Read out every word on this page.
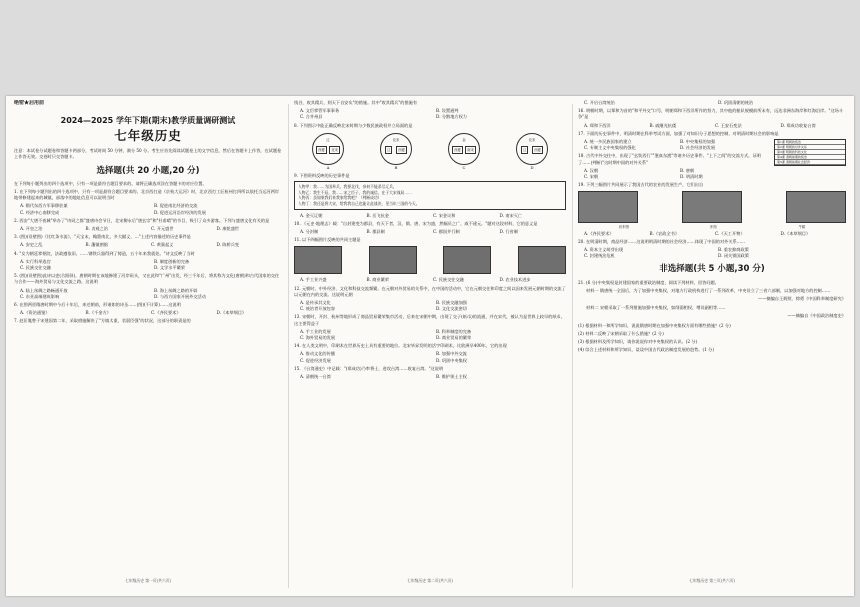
绝密★启用前
2024—2025 学年下期(期末)教学质量调研测试
七年级历史
注意：本试卷分试题卷和答题卡两部分，考试时间 50 分钟，满分 50 分。考生应首先阅读试题卷上的文字信息，然后在答题卡上作答，在试题卷上作答无效。交卷时只交答题卡。
选择题(共 20 小题,20 分)
在下列每小题列出的四个选项中，只有一项是最符合题目要求的。请将正确选项涂在答题卡的对应位置。

1. 在下列每小题列出的四个选项中，只有一项是最符合题目要求的。北京西打造《京杭大运河》时，北京西打工匠杭州打四所以依托当运河两岸地带修建起来的城镇，部落中的地址信息可以说明当时

A. 隋代东西方军事移驻兼	B. 促进南北经济的交流

C. 经济中心南移完成	D. 促进运河沿岸经济的发展

2. 西安"大唐不夜城"举办了"诗词之都"盛唐诗会节日，北宋柳永后"唐玄宗"和"杜甫晴"的节目，吸引了众多游客。下列与盛唐文化有关的是

A. 开皇之治	B. 贞观之治	C. 开元盛世	D. 康乾盛世

3. (图)(设壁图)《比红条水流》，"天宝末，翰墨南北，多大赋义，…"上述内容描述的历史事件是

A. 安史之乱	B. 藩镇割据	C. 黄巢起义	D. 陈桥兵变

4. "女为朝廷掌枢院，法政遵依旧。……钢铁兵器得到了铸造，五个年来我就处。"诗文反映了当时

A. 实行科举选官	B. 制度创新的完备

C. 民族交往交融	D. 文学水平繁荣

5. (图)(设壁图)此诗以吏(合阳驿)，唐朝时期在该地修建了河岸码头，又在此和"广州"出发，经三千年后，将其称为文化(唐朝)和古代国家的交往与合作——海外贸易与文化交流之路。这说明

A. 陆上丝绸之路畅通开放	B. 海上丝绸之路的开辟

C. 东亚高端建筑影响	D. 与西方国家开展外交活动

6. 在图两晋隋唐时期中今后十年后，来迁朝前，形诸如的诗圣……(图)(不计算)……这说明

A.《资治通鉴》	B.《千金方》	C.《齐民要术》	D.《本草纲目》

7. 赵匡胤曾于宋建国第二年，采取措施解决了"方镇太重，君弱臣强"的状况，这部分的职责是的

七年级历史 第一页(共六页)

钱谷，收其精兵，则天下自安矣"的措施。其中"收其精兵"的措施有

A. 文臣掌管军事事务	B. 设置通判

C. 合并州县	D. 分散地方权力

8. 下列图示中能正确反映北宋时期与少数民族政权并立局面的是

辽
西夏	北宋
A
北宋
辽	西夏
B
金
西夏	南宋
C
北宋
辽	西夏
D

9. 下图资料反映的历史事件是

人物甲：我……为国举兵，我要北伐，奈何不能杀尽辽兵。
人物乙：我生不辰，我……宋之臣子，我的诚信，在于大宋战局……
人物丙：虽如果我们来我家给我吧？（判断成功）
人物丁：我还是将大宋，给我我自己也能让此战决，见当年三国的今天。

A. 金灭辽朝	B. 岳飞抗金	C. 宋金议和	D. 南宋灭亡

10. 《元史·地理志》载："自封建变为郡县，有天下者，汉、隋、唐、宋为盛，然幅员之广，咸不逮元。"题对这段材料，它的意义是

A. 分封制	B. 郡县制	C. 郡国并行制	D. 行省制

11. 以下四幅图片反映的共同主题是

A. 手工业兴盛	B. 商业繁荣	C. 民族交往交融	D. 农业技术进步

12. 元朝时，中外经济、文化和科技交流频繁。在元朝对外贸易的关系中，在中国的活动中，它在元朝交往和印度之间以国来发展元朝时期的交流了以元朝在内的交流。这说明元朝

A. 是传承其文化	B. 民族交融加强

C. 统治者开放包容	D. 文化交流密切

13. 宋朝时，开封、杭州等地形成了商品贸易繁荣集市活动，后来在宋朝中期，出现了交子(纸币)的流通，并在宋代，被认为是世界上较早的纸币。这主要得益于

A. 手工业的发展	B. 科举制度的完备

C. 海外贸易的发展	D. 商业贸易的繁荣

14. 在人类文明中，印刷术在世界历史上具有重要的地位。北宋毕昇发明的活字印刷术，比欧洲早400年，它的出现

A. 推动文化的传播	B. 加强中外交流

C. 促进经济发展	D. 巩固中央集权

15. 《台湾通史》中记载："(郑成功)乃率将士，进攻台湾……收复台湾。"这说明

A. 清朝统一台湾	B. 维护领土主权

七年级历史 第二页(共六页)

C. 开启台湾统治	D. 巩固清朝的统治

16. 明朝时期，以郑和为首的"和平外交"口号，明朝郑和下西洋所作的努力，其中他的船队规模前所未有，远达非洲东海岸和红海沿岸。"这场斗争"是

A. 郑和下西洋	B. 戚继光抗倭	C. 王安石变法	D. 郑成功收复台湾

17. 下面的历史事件中，明清时期在科举考试方面，加强了对知识分子思想的控制，对明清时期社会的影响是

第1课 明朝的统治
第2课 明朝的对外关系
第3课 明朝的科技文化
第4课 清朝前期的统治
第5课 清朝前期社会经济

A. 统一多民族国家的建立	B. 中央集权的加强

C. 专制主义中央集权的强化	D. 社会经济的发展

18. 古代中外交往中，出现了"玄奘西行""鉴真东渡"等诸多历史事件。"上下之间"的交流方式，证明了……(判断)"这时期中国的对外关系"

A. 汉朝	B. 唐朝

C. 宋朝	D. 明清时期

19. 下列三幅图片共同展示了我国古代的农业的发展生产，它们出自

纺车图	织布	牛耕

A.《齐民要术》	B.《农政全书》	C.《天工开物》	D.《本草纲目》

20. 在明清时期，商品经济……这说明明清时期的社会经济……体现了中国的对外关系……

A. 资本主义萌芽出现	B. 重农抑商政策

C. 封建统治危机	D. 闭关锁国政策

非选择题(共 5 小题,30 分)

21. (6 分)中央集权是封建国家的重要政治制度，阅读下列材料，回答问题。

材料一 隋唐统一全国后，为了加强中央集权，对地方行政机构进行了一系列改革，中央设立了三省六部制，以加强对地方的控制……

——摘编自王炳照、徐勇《中国科举制度研究》

材料二 宋朝采取了一系列措施加强中央集权，如削弱相权、增设副相等……

——摘编自《中国政治制度史》

(1) 根据材料一和所学知识，说说隋唐时期在加强中央集权方面有哪些措施？(2 分)

(2) 材料二反映了宋朝采取了什么措施？(2 分)

(3) 根据材料及所学知识，请你说说你对中央集权的认识。(2 分)

(4) 综合上述材料和所学知识，谈谈中国古代政治制度发展的趋势。(1 分)

七年级历史 第三页(共六页)
